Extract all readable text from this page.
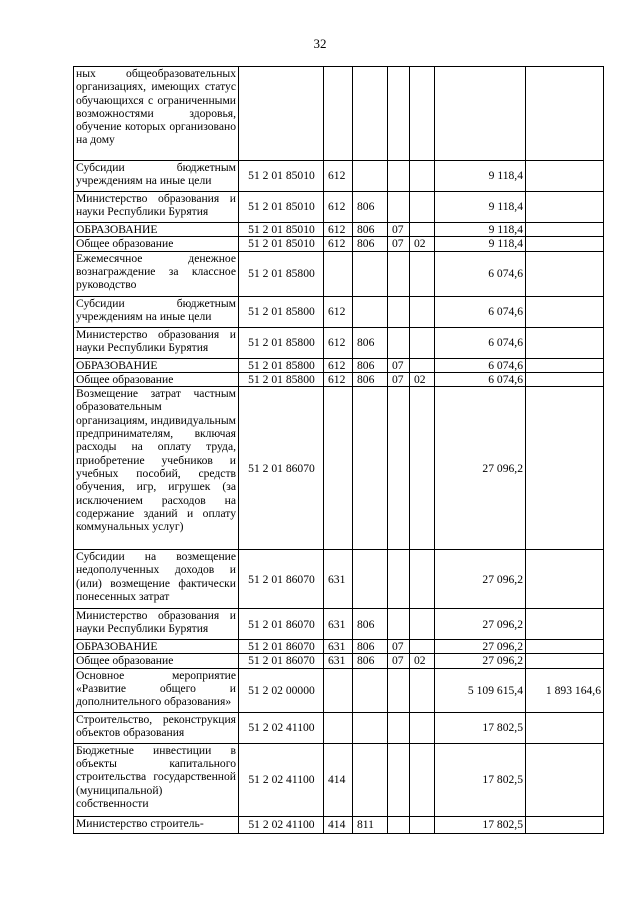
32
ных общеобразовательных организациях, имеющих статус обучающихся с ограниченными возможностями здоровья, обучение которых организовано на дому							
Субсидии бюджетным учреждениям на иные цели	51 2 01 85010	612				9 118,4	
Министерство образования и науки Республики Бурятия	51 2 01 85010	612	806			9 118,4	
ОБРАЗОВАНИЕ	51 2 01 85010	612	806	07		9 118,4	
Общее образование	51 2 01 85010	612	806	07	02	9 118,4	
Ежемесячное денежное вознаграждение за классное руководство	51 2 01 85800					6 074,6	
Субсидии бюджетным учреждениям на иные цели	51 2 01 85800	612				6 074,6	
Министерство образования и науки Республики Бурятия	51 2 01 85800	612	806			6 074,6	
ОБРАЗОВАНИЕ	51 2 01 85800	612	806	07		6 074,6	
Общее образование	51 2 01 85800	612	806	07	02	6 074,6	
Возмещение затрат частным образовательным организациям, индивидуальным предпринимателям, включая расходы на оплату труда, приобретение учебников и учебных пособий, средств обучения, игр, игрушек (за исключением расходов на содержание зданий и оплату коммунальных услуг)	51 2 01 86070					27 096,2	
Субсидии на возмещение недополученных доходов и (или) возмещение фактически понесенных затрат	51 2 01 86070	631				27 096,2	
Министерство образования и науки Республики Бурятия	51 2 01 86070	631	806			27 096,2	
ОБРАЗОВАНИЕ	51 2 01 86070	631	806	07		27 096,2	
Общее образование	51 2 01 86070	631	806	07	02	27 096,2	
Основное мероприятие «Развитие общего и дополнительного образования»	51 2 02 00000					5 109 615,4	1 893 164,6
Строительство, реконструкция объектов образования	51 2 02 41100					17 802,5	
Бюджетные инвестиции в объекты капитального строительства государственной (муниципальной) собственности	51 2 02 41100	414				17 802,5	
Министерство строитель-	51 2 02 41100	414	811			17 802,5	
